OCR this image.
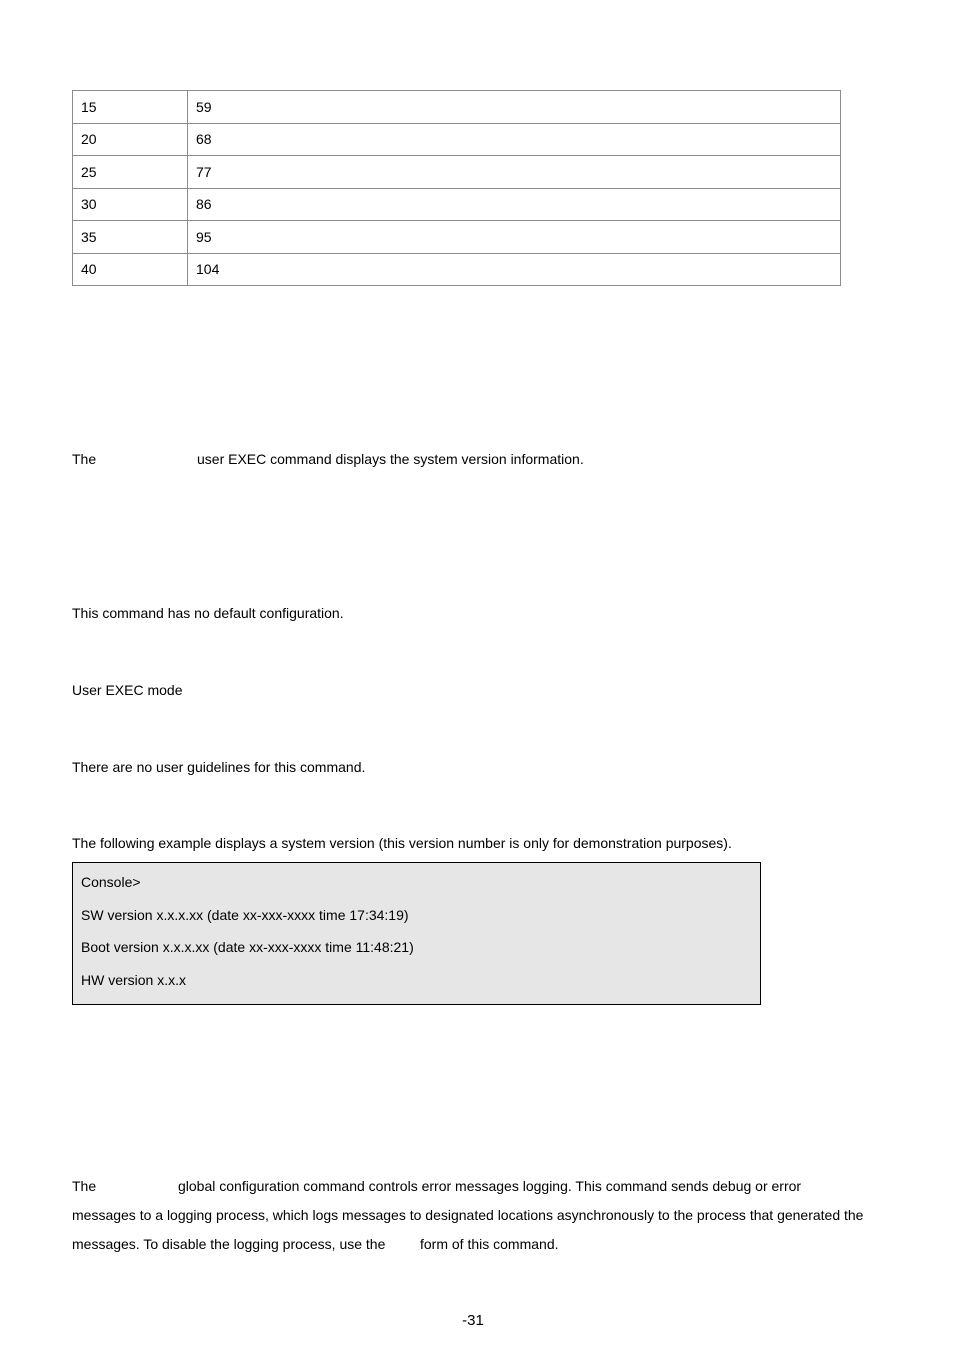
15	59
20	68
25	77
30	86
35	95
40	104
The	user EXEC command displays the system version information.
This command has no default configuration.
User EXEC mode
There are no user guidelines for this command.
The following example displays a system version (this version number is only for demonstration purposes).
Console>
SW version x.x.x.xx (date xx-xxx-xxxx time 17:34:19)
Boot version x.x.x.xx (date xx-xxx-xxxx time 11:48:21)
HW version x.x.x
The	global configuration command controls error messages logging. This command sends debug or error
messages to a logging process, which logs messages to designated locations asynchronously to the process that generated the
messages. To disable the logging process, use the form of this command.
-31
